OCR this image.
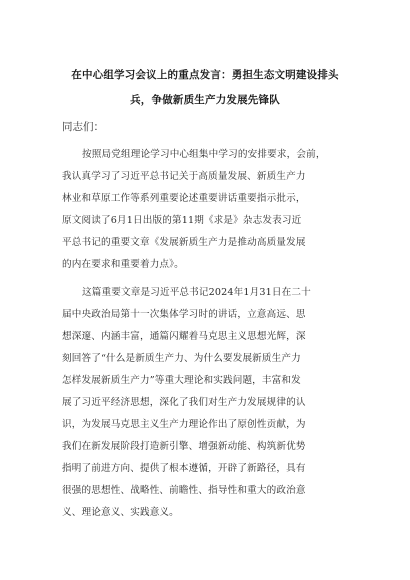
在中心组学习会议上的重点发言：勇担生态文明建设排头
兵，争做新质生产力发展先锋队
同志们：
按照局党组理论学习中心组集中学习的安排要求，会前，
我认真学习了习近平总书记关于高质量发展、新质生产力
林业和草原工作等系列重要论述重要讲话重要指示批示，
原文阅读了6月1日出版的第11期《求是》杂志发表习近
平总书记的重要文章《发展新质生产力是推动高质量发展
的内在要求和重要着力点》。
这篇重要文章是习近平总书记2024年1月31日在二十
届中央政治局第十一次集体学习时的讲话，立意高远、思
想深邃、内涵丰富，通篇闪耀着马克思主义思想光辉，深
刻回答了“什么是新质生产力、为什么要发展新质生产力
怎样发展新质生产力”等重大理论和实践问题，丰富和发
展了习近平经济思想，深化了我们对生产力发展规律的认
识，为发展马克思主义生产力理论作出了原创性贡献，为
我们在新发展阶段打造新引擎、增强新动能、构筑新优势
指明了前进方向、提供了根本遵循，开辟了新路径，具有
很强的思想性、战略性、前瞻性、指导性和重大的政治意
义、理论意义、实践意义。
